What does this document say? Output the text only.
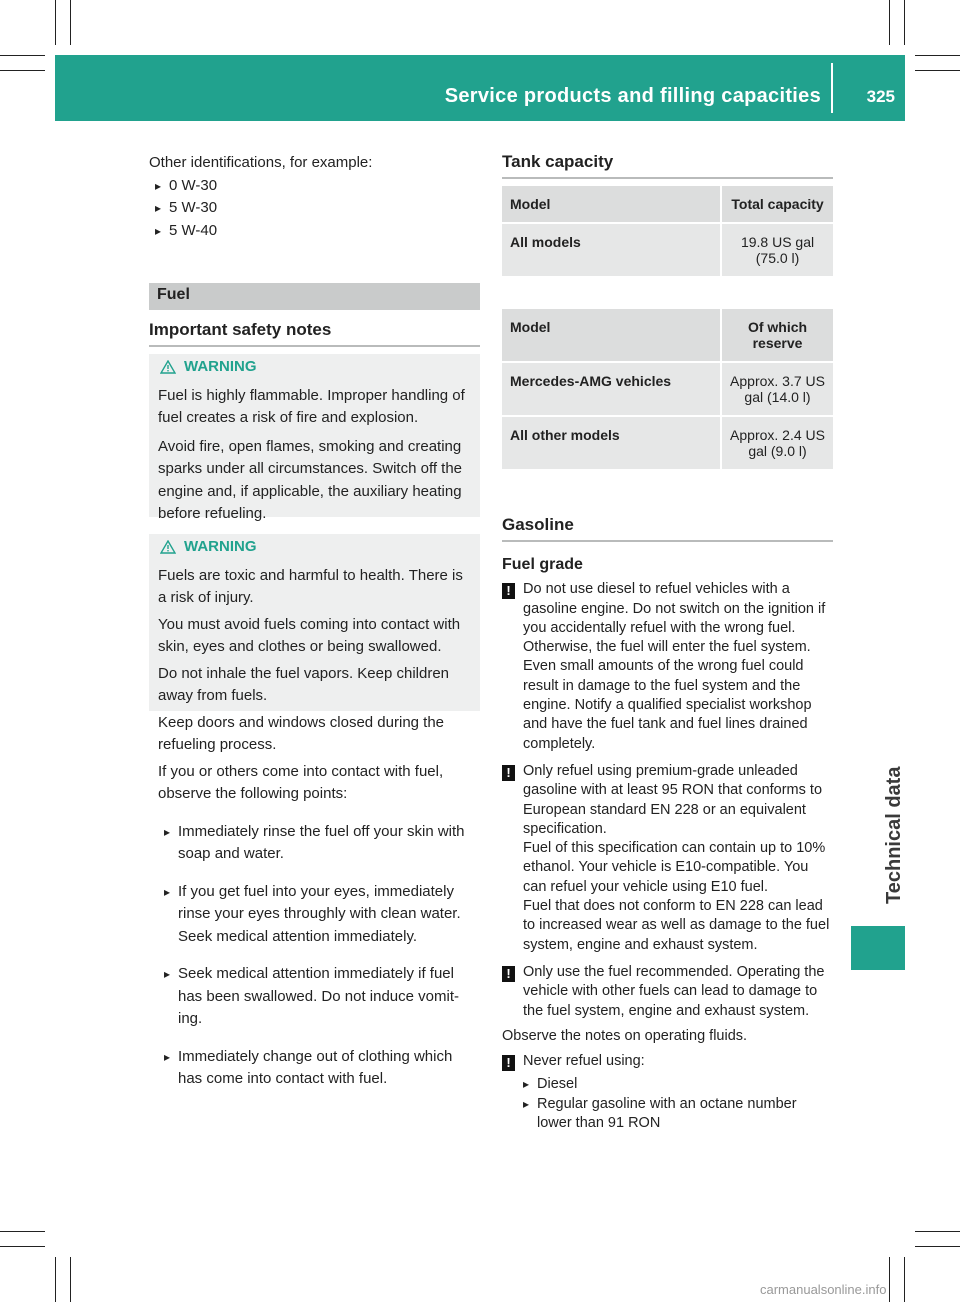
Service products and filling capacities	325
Technical data

Other identifications, for example:

▸ 0 W-30

▸ 5 W-30

▸ 5 W-40

Fuel
Important safety notes
WARNING

Fuel is highly flammable. Improper handling of fuel creates a risk of fire and explosion.

Avoid fire, open flames, smoking and creating sparks under all circumstances. Switch off the engine and, if applicable, the auxiliary heating before refueling.

WARNING

Fuels are toxic and harmful to health. There is a risk of injury.

You must avoid fuels coming into contact with skin, eyes and clothes or being swallowed.

Do not inhale the fuel vapors. Keep children away from fuels.

Keep doors and windows closed during the refueling process.

If you or others come into contact with fuel, observe the following points:

▸ Immediately rinse the fuel off your skin with soap and water.

▸ If you get fuel into your eyes, immediately rinse your eyes throughly with clean water. Seek medical attention immediately.

▸ Seek medical attention immediately if fuel has been swallowed. Do not induce vomiting.

▸ Immediately change out of clothing which has come into contact with fuel.

Tank capacity
Model	Total capacity
All models	19.8 US gal (75.0 l)
Model	Of which reserve
Mercedes-AMG vehicles	Approx. 3.7 US gal (14.0 l)
All other models	Approx. 2.4 US gal (9.0 l)
Gasoline

Fuel grade

! Do not use diesel to refuel vehicles with a gasoline engine. Do not switch on the ignition if you accidentally refuel with the wrong fuel. Otherwise, the fuel will enter the fuel system. Even small amounts of the wrong fuel could result in damage to the fuel system and the engine. Notify a qualified specialist workshop and have the fuel tank and fuel lines drained completely.

! Only refuel using premium-grade unleaded gasoline with at least 95 RON that conforms to European standard EN 228 or an equivalent specification.

Fuel of this specification can contain up to 10% ethanol. Your vehicle is E10-compatible. You can refuel your vehicle using E10 fuel.

Fuel that does not conform to EN 228 can lead to increased wear as well as damage to the fuel system, engine and exhaust system.

! Only use the fuel recommended. Operating the vehicle with other fuels can lead to damage to the fuel system, engine and exhaust system.

Observe the notes on operating fluids.

! Never refuel using:

▸ Diesel

▸ Regular gasoline with an octane number lower than 91 RON

carmanualsonline.info
